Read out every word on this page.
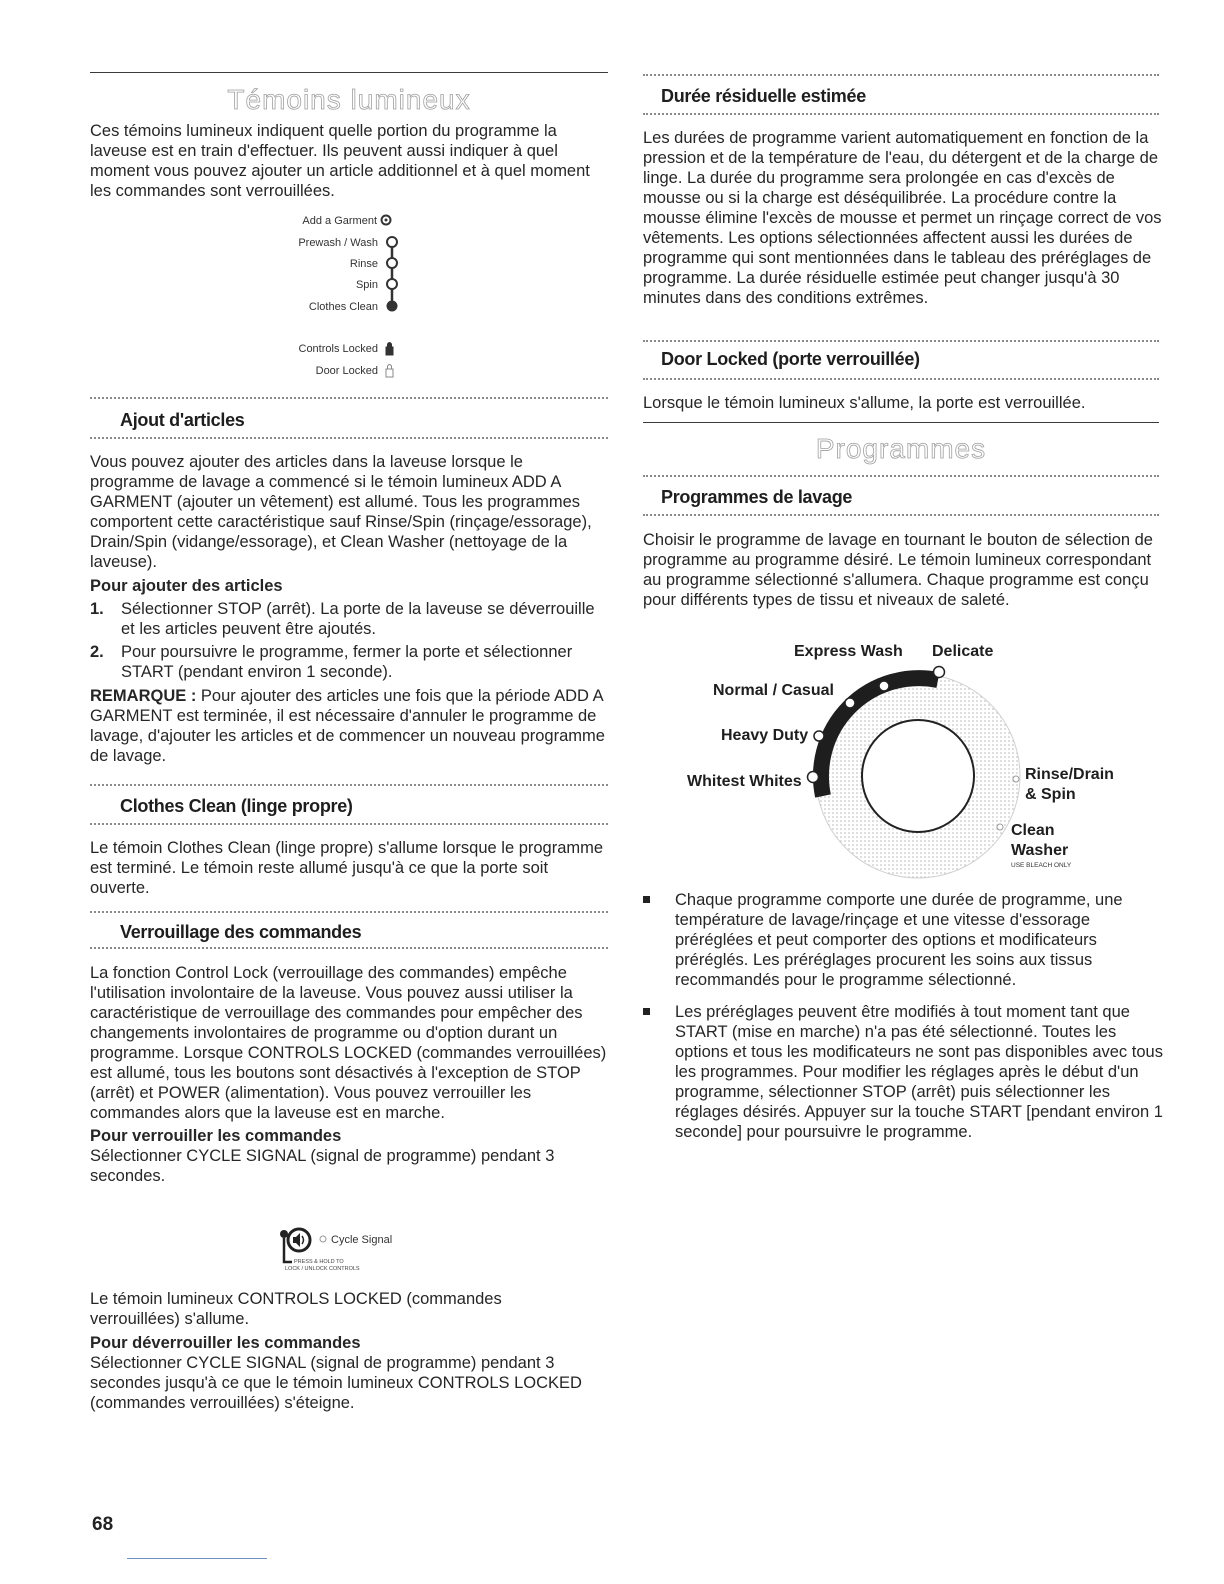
Témoins lumineux

Ces témoins lumineux indiquent quelle portion du programme la laveuse est en train d'effectuer. Ils peuvent aussi indiquer à quel moment vous pouvez ajouter un article additionnel et à quel moment les commandes sont verrouillées.

Add a Garment
Prewash / Wash
Rinse
Spin
Clothes Clean
Controls Locked
Door Locked
Ajout d'articles

Vous pouvez ajouter des articles dans la laveuse lorsque le programme de lavage a commencé si le témoin lumineux ADD A GARMENT (ajouter un vêtement) est allumé. Tous les programmes comportent cette caractéristique sauf Rinse/Spin (rinçage/essorage), Drain/Spin (vidange/essorage), et Clean Washer (nettoyage de la laveuse).

Pour ajouter des articles

1. Sélectionner STOP (arrêt). La porte de la laveuse se déverrouille et les articles peuvent être ajoutés.
2. Pour poursuivre le programme, fermer la porte et sélectionner START (pendant environ 1 seconde).

REMARQUE : Pour ajouter des articles une fois que la période ADD A GARMENT est terminée, il est nécessaire d'annuler le programme de lavage, d'ajouter les articles et de commencer un nouveau programme de lavage.

Clothes Clean (linge propre)

Le témoin Clothes Clean (linge propre) s'allume lorsque le programme est terminé. Le témoin reste allumé jusqu'à ce que la porte soit ouverte.

Verrouillage des commandes

La fonction Control Lock (verrouillage des commandes) empêche l'utilisation involontaire de la laveuse. Vous pouvez aussi utiliser la caractéristique de verrouillage des commandes pour empêcher des changements involontaires de programme ou d'option durant un programme. Lorsque CONTROLS LOCKED (commandes verrouillées) est allumé, tous les boutons sont désactivés à l'exception de STOP (arrêt) et POWER (alimentation). Vous pouvez verrouiller les commandes alors que la laveuse est en marche.

Pour verrouiller les commandes

Sélectionner CYCLE SIGNAL (signal de programme) pendant 3 secondes.

Cycle Signal
PRESS & HOLD TO
LOCK / UNLOCK CONTROLS

Le témoin lumineux CONTROLS LOCKED (commandes verrouillées) s'allume.

Pour déverrouiller les commandes

Sélectionner CYCLE SIGNAL (signal de programme) pendant 3 secondes jusqu'à ce que le témoin lumineux CONTROLS LOCKED (commandes verrouillées) s'éteigne.

68
Durée résiduelle estimée

Les durées de programme varient automatiquement en fonction de la pression et de la température de l'eau, du détergent et de la charge de linge. La durée du programme sera prolongée en cas d'excès de mousse ou si la charge est déséquilibrée. La procédure contre la mousse élimine l'excès de mousse et permet un rinçage correct de vos vêtements. Les options sélectionnées affectent aussi les durées de programme qui sont mentionnées dans le tableau des préréglages de programme. La durée résiduelle estimée peut changer jusqu'à 30 minutes dans des conditions extrêmes.

Door Locked (porte verrouillée)

Lorsque le témoin lumineux s'allume, la porte est verrouillée.

Programmes
Programmes de lavage

Choisir le programme de lavage en tournant le bouton de sélection de programme au programme désiré. Le témoin lumineux correspondant au programme sélectionné s'allumera. Chaque programme est conçu pour différents types de tissu et niveaux de saleté.

Express Wash Delicate
Normal / Casual
Heavy Duty
Whitest Whites	Rinse/Drain
& Spin
Clean
Washer
USE BLEACH ONLY
Chaque programme comporte une durée de programme, une température de lavage/rinçage et une vitesse d'essorage préréglées et peut comporter des options et modificateurs préréglés. Les préréglages procurent les soins aux tissus recommandés pour le programme sélectionné.
Les préréglages peuvent être modifiés à tout moment tant que START (mise en marche) n'a pas été sélectionné. Toutes les options et tous les modificateurs ne sont pas disponibles avec tous les programmes. Pour modifier les réglages après le début d'un programme, sélectionner STOP (arrêt) puis sélectionner les réglages désirés. Appuyer sur la touche START [pendant environ 1 seconde] pour poursuivre le programme.
